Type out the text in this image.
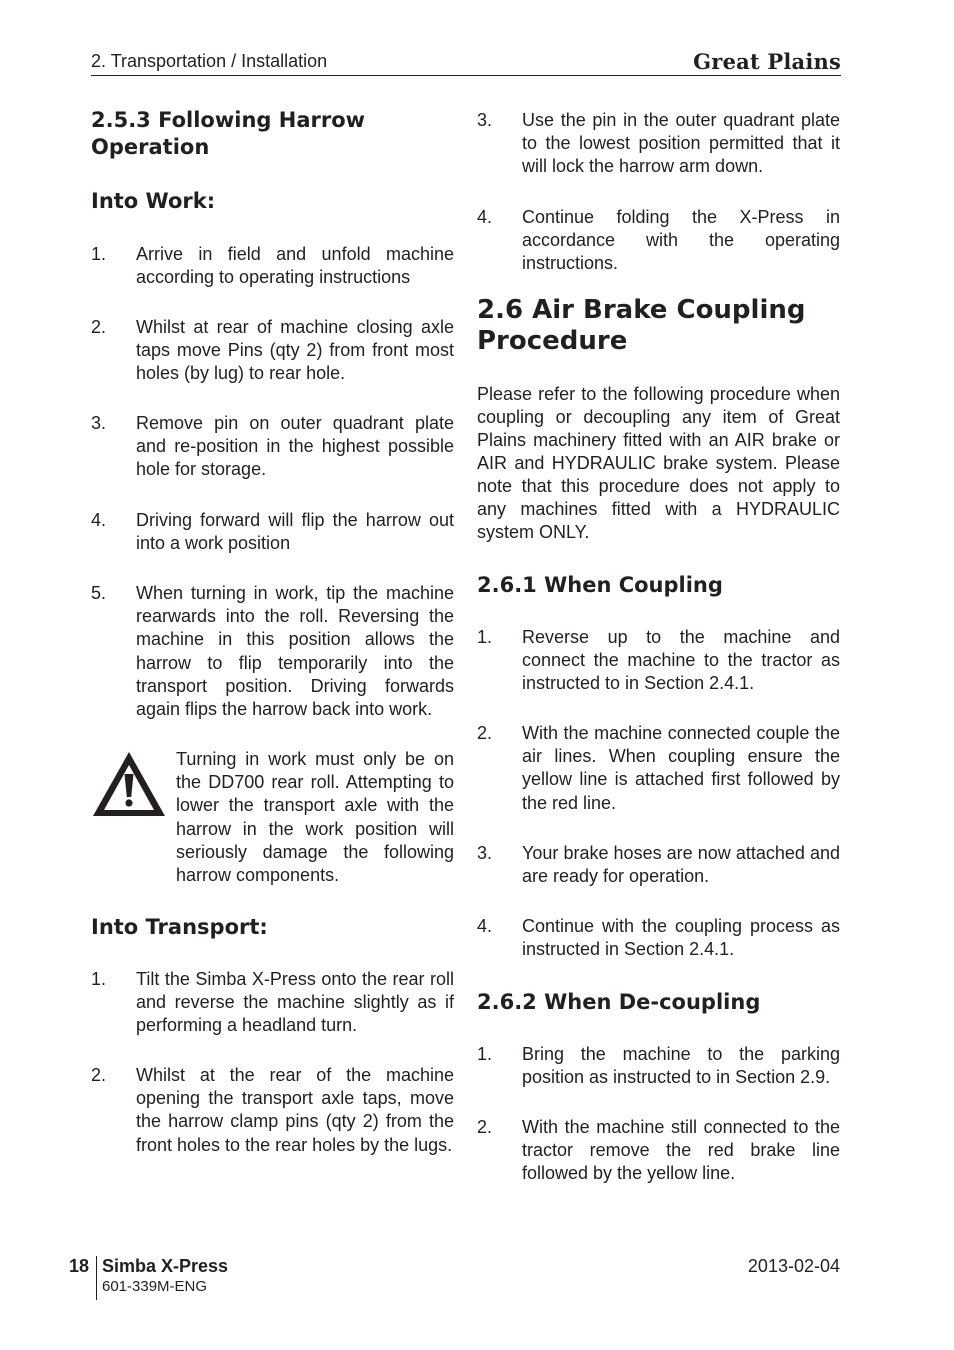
2. Transportation / Installation	Great Plains
2.5.3 Following Harrow Operation
Into Work:
1. Arrive in field and unfold machine according to operating instructions
2. Whilst at rear of machine closing axle taps move Pins (qty 2) from front most holes (by lug) to rear hole.
3. Remove pin on outer quadrant plate and re-position in the highest possible hole for storage.
4. Driving forward will flip the harrow out into a work position
5. When turning in work, tip the machine rearwards into the roll. Reversing the machine in this position allows the harrow to flip temporarily into the transport position. Driving forwards again flips the harrow back into work.
Turning in work must only be on the DD700 rear roll. Attempting to lower the transport axle with the harrow in the work position will seriously damage the following harrow components.
Into Transport:
1. Tilt the Simba X-Press onto the rear roll and reverse the machine slightly as if performing a headland turn.
2. Whilst at the rear of the machine opening the transport axle taps, move the harrow clamp pins (qty 2) from the front holes to the rear holes by the lugs.
3. Use the pin in the outer quadrant plate to the lowest position permitted that it will lock the harrow arm down.
4. Continue folding the X-Press in accordance with the operating instructions.
2.6 Air Brake Coupling Procedure
Please refer to the following procedure when coupling or decoupling any item of Great Plains machinery fitted with an AIR brake or AIR and HYDRAULIC brake system. Please note that this procedure does not apply to any machines fitted with a HYDRAULIC system ONLY.
2.6.1 When Coupling
1. Reverse up to the machine and connect the machine to the tractor as instructed to in Section 2.4.1.
2. With the machine connected couple the air lines. When coupling ensure the yellow line is attached first followed by the red line.
3. Your brake hoses are now attached and are ready for operation.
4. Continue with the coupling process as instructed in Section 2.4.1.
2.6.2 When De-coupling
1. Bring the machine to the parking position as instructed to in Section 2.9.
2. With the machine still connected to the tractor remove the red brake line followed by the yellow line.
18 Simba X-Press
601-339M-ENG
2013-02-04
